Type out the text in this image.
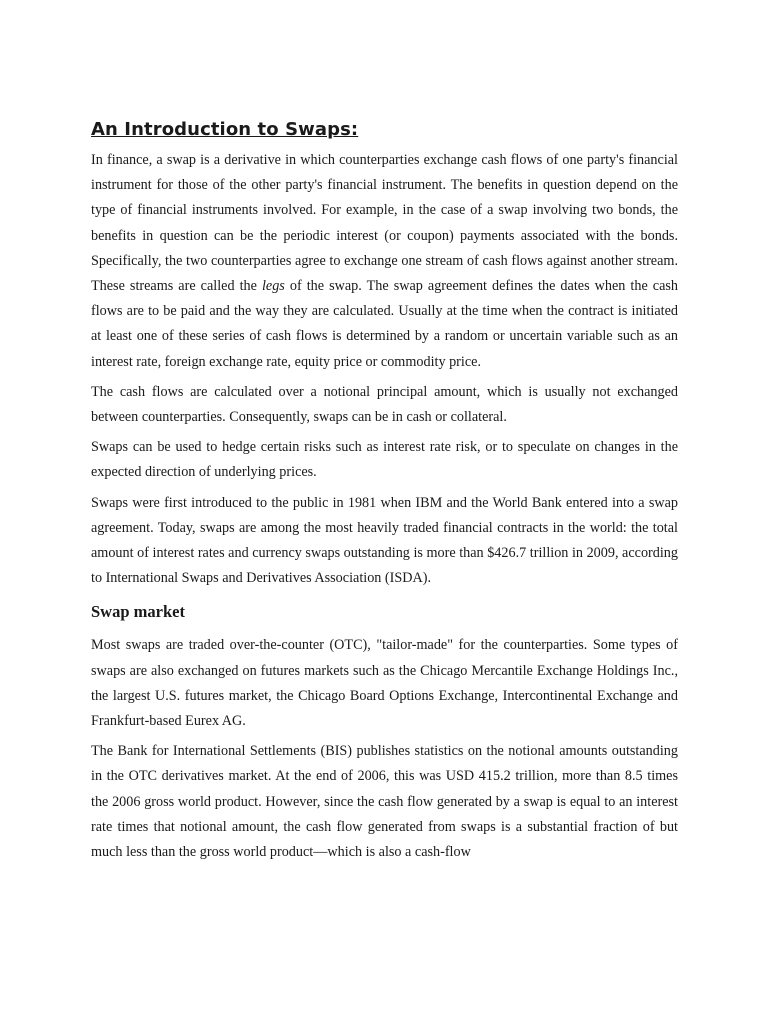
An Introduction to Swaps:

In finance, a swap is a derivative in which counterparties exchange cash flows of one party's financial instrument for those of the other party's financial instrument. The benefits in question depend on the type of financial instruments involved. For example, in the case of a swap involving two bonds, the benefits in question can be the periodic interest (or coupon) payments associated with the bonds. Specifically, the two counterparties agree to exchange one stream of cash flows against another stream. These streams are called the legs of the swap. The swap agreement defines the dates when the cash flows are to be paid and the way they are calculated. Usually at the time when the contract is initiated at least one of these series of cash flows is determined by a random or uncertain variable such as an interest rate, foreign exchange rate, equity price or commodity price.

The cash flows are calculated over a notional principal amount, which is usually not exchanged between counterparties. Consequently, swaps can be in cash or collateral.

Swaps can be used to hedge certain risks such as interest rate risk, or to speculate on changes in the expected direction of underlying prices.

Swaps were first introduced to the public in 1981 when IBM and the World Bank entered into a swap agreement. Today, swaps are among the most heavily traded financial contracts in the world: the total amount of interest rates and currency swaps outstanding is more than $426.7 trillion in 2009, according to International Swaps and Derivatives Association (ISDA).

Swap market

Most swaps are traded over-the-counter (OTC), "tailor-made" for the counterparties. Some types of swaps are also exchanged on futures markets such as the Chicago Mercantile Exchange Holdings Inc., the largest U.S. futures market, the Chicago Board Options Exchange, Intercontinental Exchange and Frankfurt-based Eurex AG.

The Bank for International Settlements (BIS) publishes statistics on the notional amounts outstanding in the OTC derivatives market. At the end of 2006, this was USD 415.2 trillion, more than 8.5 times the 2006 gross world product. However, since the cash flow generated by a swap is equal to an interest rate times that notional amount, the cash flow generated from swaps is a substantial fraction of but much less than the gross world product—which is also a cash-flow
